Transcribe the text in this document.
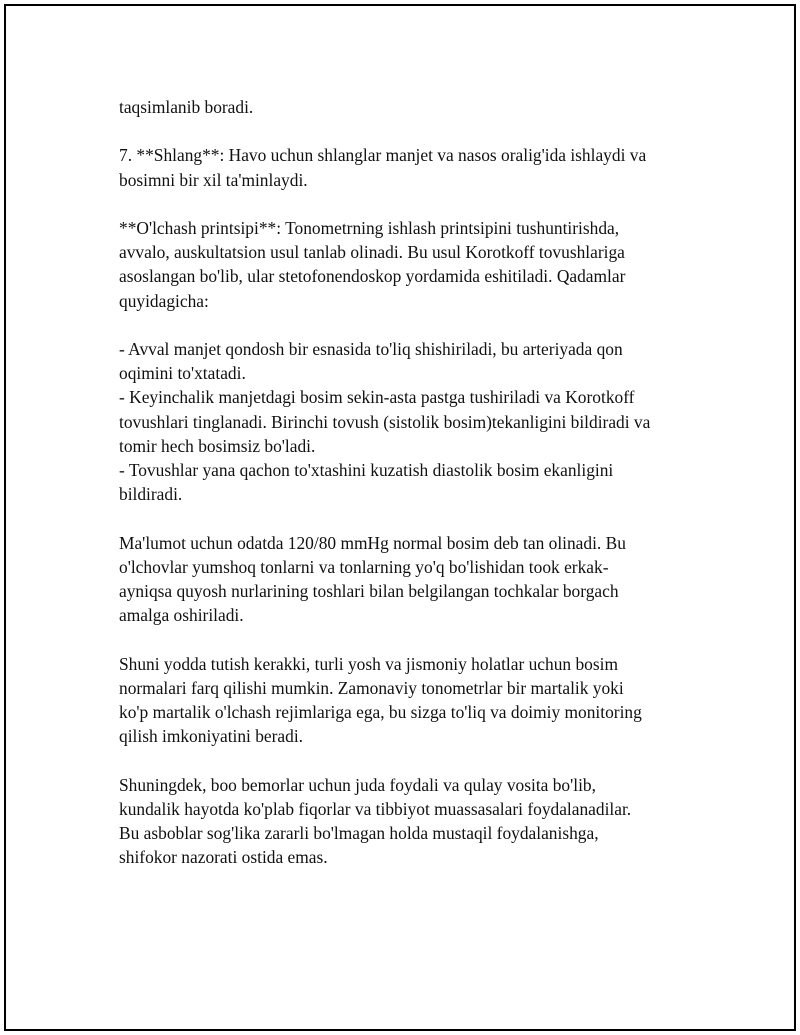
taqsimlanib boradi.

7. **Shlang**: Havo uchun shlanglar manjet va nasos oralig'ida ishlaydi va
bosimni bir xil ta'minlaydi.

**O'lchash printsipi**: Tonometrning ishlash printsipini tushuntirishda,
avvalo, auskultatsion usul tanlab olinadi. Bu usul Korotkoff tovushlariga
asoslangan bo'lib, ular stetofonendoskop yordamida eshitiladi. Qadamlar
quyidagicha:

- Avval manjet qondosh bir esnasida to'liq shishiriladi, bu arteriyada qon
oqimini to'xtatadi.
- Keyinchalik manjetdagi bosim sekin-asta pastga tushiriladi va Korotkoff
tovushlari tinglanadi. Birinchi tovush (sistolik bosim)tekanligini bildiradi va
tomir hech bosimsiz bo'ladi.
- Tovushlar yana qachon to'xtashini kuzatish diastolik bosim ekanligini
bildiradi.

Ma'lumot uchun odatda 120/80 mmHg normal bosim deb tan olinadi. Bu
o'lchovlar yumshoq tonlarni va tonlarning yo'q bo'lishidan took erkak-
ayniqsa quyosh nurlarining toshlari bilan belgilangan tochkalar borgach
amalga oshiriladi.

Shuni yodda tutish kerakki, turli yosh va jismoniy holatlar uchun bosim
normalari farq qilishi mumkin. Zamonaviy tonometrlar bir martalik yoki
ko'p martalik o'lchash rejimlariga ega, bu sizga to'liq va doimiy monitoring
qilish imkoniyatini beradi.

Shuningdek, boo bemorlar uchun juda foydali va qulay vosita bo'lib,
kundalik hayotda ko'plab fiqorlar va tibbiyot muassasalari foydalanadilar.
Bu asboblar sog'lika zararli bo'lmagan holda mustaqil foydalanishga,
shifokor nazorati ostida emas.
